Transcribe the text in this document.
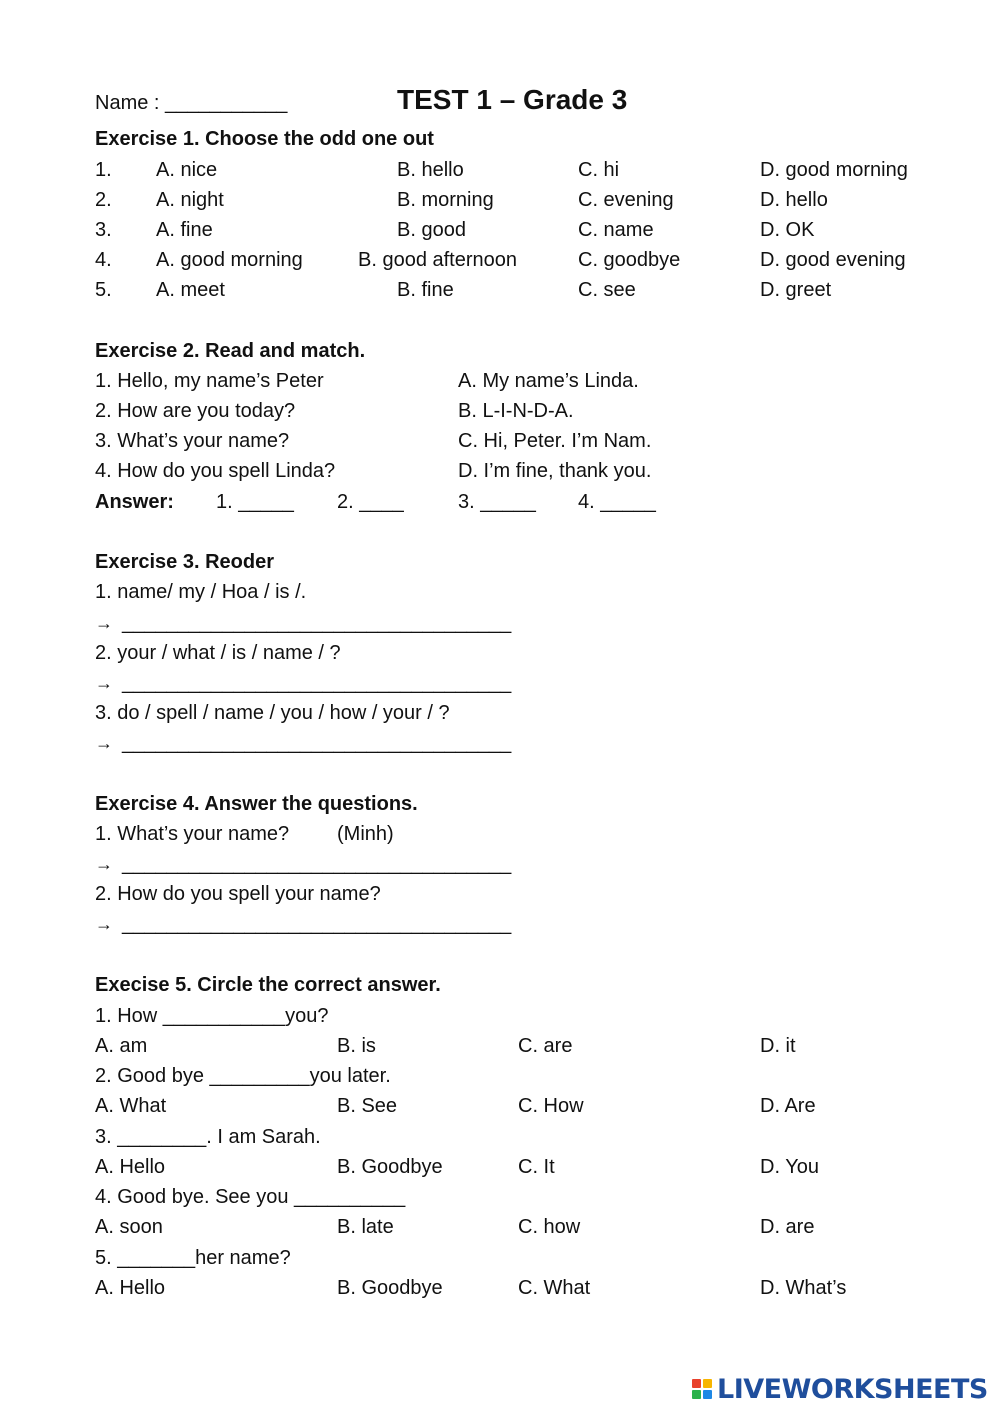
Name : ___________	TEST 1 – Grade 3
Exercise 1. Choose the odd one out
1. A. nice	B. hello	C. hi	D. good morning
2. A. night	B. morning	C. evening	D. hello
3. A. fine	B. good	C. name	D. OK
4. A. good morning	B. good afternoon	C. goodbye	D. good evening
5. A. meet	B. fine	C. see	D. greet
Exercise 2. Read and match.
1. Hello, my name’s Peter	A. My name’s Linda.
2. How are you today?	B. L-I-N-D-A.
3. What’s your name?	C. Hi, Peter. I’m Nam.
4. How do you spell Linda?	D. I’m fine, thank you.
Answer: 1. _____ 2. ____	3. _____ 4. _____
Exercise 3. Reoder
1. name/ my / Hoa / is /.
→ ___________________________________
2. your / what / is / name / ?
→ ___________________________________
3. do / spell / name / you / how / your / ?
→ ___________________________________
Exercise 4. Answer the questions.
1. What’s your name? (Minh)
→ ___________________________________
2. How do you spell your name?
→ ___________________________________
Execise 5. Circle the correct answer.
1. How ___________you?
A. am	B. is	C. are	D. it
2. Good bye _________you later.
A. What	B. See	C. How	D. Are
3. ________. I am Sarah.
A. Hello	B. Goodbye	C. It	D. You
4. Good bye. See you __________
A. soon	B. late	C. how	D. are
5. _______her name?
A. Hello	B. Goodbye	C. What	D. What’s
LIVEWORKSHEETS
